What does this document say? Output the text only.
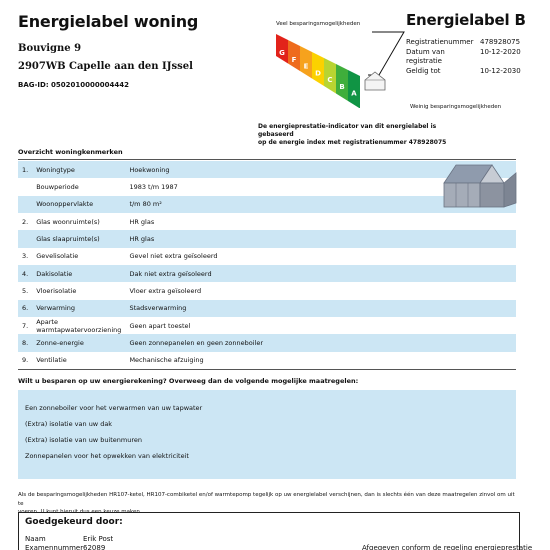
Energielabel woning
Bouvigne 9
2907WB Capelle aan den IJssel
BAG-ID: 0502010000004442
Veel besparingsmogelijkheden
Weinig besparingsmogelijkheden
G
F
E
D
C
B
A
Energielabel B
Registratienummer 478928075
Datum van registratie
10-12-2020
Geldig tot	10-12-2030
De energieprestatie-indicator van dit energielabel is gebaseerd
op de energie index met registratienummer 478928075
Overzicht woningkenmerken
1.	Woningtype	Hoekwoning
	Bouwperiode	1983 t/m 1987
	Woonoppervlakte	t/m 80 m²
2.	Glas woonruimte(s)	HR glas
	Glas slaapruimte(s)	HR glas
3.	Gevelisolatie	Gevel niet extra geïsoleerd
4.	Dakisolatie	Dak niet extra geïsoleerd
5.	Vloerisolatie	Vloer extra geïsoleerd
6.	Verwarming	Stadsverwarming
7.	Aparte warmtapwatervoorziening	Geen apart toestel
8.	Zonne-energie	Geen zonnepanelen en geen zonneboiler
9.	Ventilatie	Mechanische afzuiging
Wilt u besparen op uw energierekening? Overweeg dan de volgende mogelijke maatregelen:
Een zonneboiler voor het verwarmen van uw tapwater
(Extra) isolatie van uw dak
(Extra) isolatie van uw buitenmuren
Zonnepanelen voor het opwekken van elektriciteit
Als de besparingsmogelijkheden HR107-ketel, HR107-combiketel en/of warmtepomp tegelijk op uw energielabel verschijnen, dan is slechts één van deze maatregelen zinvol om uit te
voeren. U kunt hieruit dus een keuze maken.
Goedgekeurd door:
Naam	Erik Post
Examennummer 62089	Afgegeven conform de regeling energieprestatie
